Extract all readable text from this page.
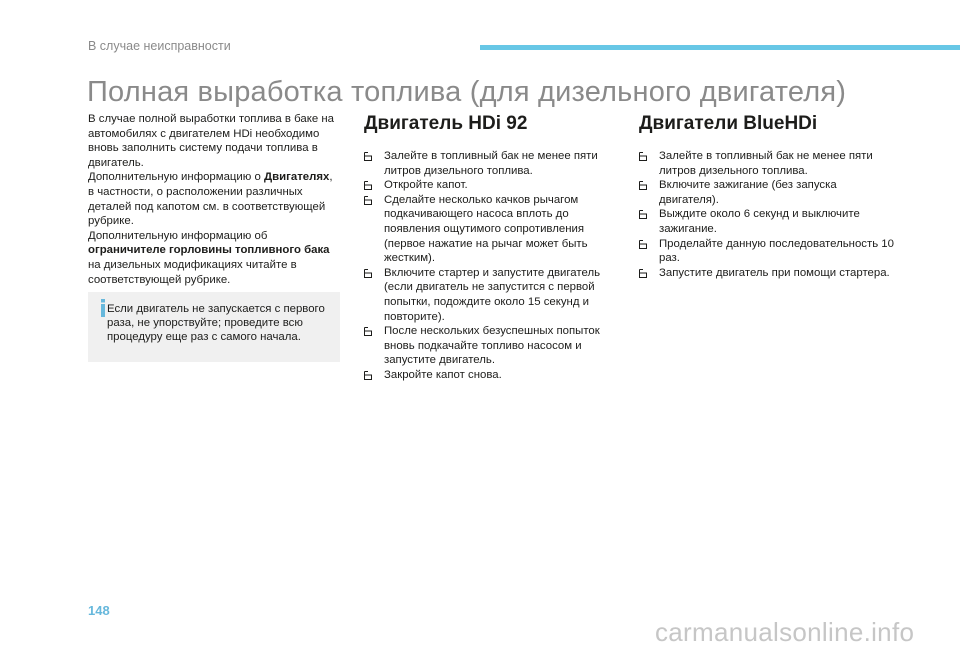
В случае неисправности
Полная выработка топлива (для дизельного двигателя)

В случае полной выработки топлива в баке на автомобилях с двигателем HDi необходимо вновь заполнить систему подачи топлива в двигатель.

Дополнительную информацию о Двигателях, в частности, о расположении различных деталей под капотом см. в соответствующей рубрике.

Дополнительную информацию об ограничителе горловины топливного бака на дизельных модификациях читайте в соответствующей рубрике.

Если двигатель не запускается с первого раза, не упорствуйте; проведите всю процедуру еще раз с самого начала.
Двигатель HDi 92
Залейте в топливный бак не менее пяти литров дизельного топлива.
Откройте капот.
Сделайте несколько качков рычагом подкачивающего насоса вплоть до появления ощутимого сопротивления (первое нажатие на рычаг может быть жестким).
Включите стартер и запустите двигатель (если двигатель не запустится с первой попытки, подождите около 15 секунд и повторите).
После нескольких безуспешных попыток вновь подкачайте топливо насосом и запустите двигатель.
Закройте капот снова.
Двигатели BlueHDi
Залейте в топливный бак не менее пяти литров дизельного топлива.
Включите зажигание (без запуска двигателя).
Выждите около 6 секунд и выключите зажигание.
Проделайте данную последовательность 10 раз.
Запустите двигатель при помощи стартера.
148
carmanualsonline.info
